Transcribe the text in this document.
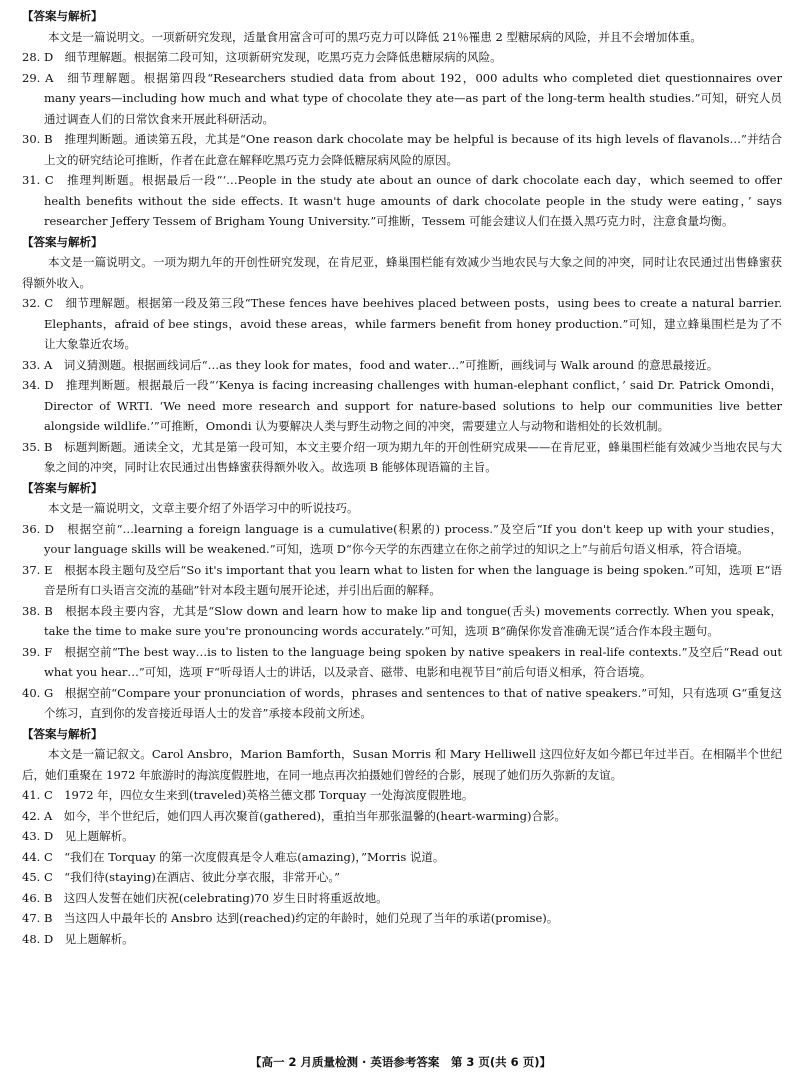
【答案与解析】

本文是一篇说明文。一项新研究发现，适量食用富含可可的黑巧克力可以降低 21％罹患 2 型糖尿病的风险，并且不会增加体重。

28. D　细节理解题。根据第二段可知，这项新研究发现，吃黑巧克力会降低患糖尿病的风险。

29. A　细节理解题。根据第四段“Researchers studied data from about 192，000 adults who completed diet questionnaires over many years—including how much and what type of chocolate they ate—as part of the long-term health studies.”可知，研究人员通过调查人们的日常饮食来开展此科研活动。

30. B　推理判断题。通读第五段，尤其是“One reason dark chocolate may be helpful is because of its high levels of flavanols…”并结合上文的研究结论可推断，作者在此意在解释吃黑巧克力会降低糖尿病风险的原因。

31. C　推理判断题。根据最后一段“‘…People in the study ate about an ounce of dark chocolate each day，which seemed to offer health benefits without the side effects. It wasn't huge amounts of dark chocolate people in the study were eating，’ says researcher Jeffery Tessem of Brigham Young University.”可推断，Tessem 可能会建议人们在摄入黑巧克力时，注意食量均衡。

【答案与解析】

本文是一篇说明文。一项为期九年的开创性研究发现，在肯尼亚，蜂巢围栏能有效减少当地农民与大象之间的冲突，同时让农民通过出售蜂蜜获得额外收入。

32. C　细节理解题。根据第一段及第三段“These fences have beehives placed between posts，using bees to create a natural barrier. Elephants，afraid of bee stings，avoid these areas，while farmers benefit from honey production.”可知，建立蜂巢围栏是为了不让大象靠近农场。

33. A　词义猜测题。根据画线词后“…as they look for mates，food and water…”可推断，画线词与 Walk around 的意思最接近。

34. D　推理判断题。根据最后一段“‘Kenya is facing increasing challenges with human-elephant conflict，’ said Dr. Patrick Omondi，Director of WRTI. ‘We need more research and support for nature-based solutions to help our communities live better alongside wildlife.’”可推断，Omondi 认为要解决人类与野生动物之间的冲突，需要建立人与动物和谐相处的长效机制。

35. B　标题判断题。通读全文，尤其是第一段可知，本文主要介绍一项为期九年的开创性研究成果——在肯尼亚，蜂巢围栏能有效减少当地农民与大象之间的冲突，同时让农民通过出售蜂蜜获得额外收入。故选项 B 能够体现语篇的主旨。

【答案与解析】

本文是一篇说明文，文章主要介绍了外语学习中的听说技巧。

36. D　根据空前“…learning a foreign language is a cumulative(积累的) process.”及空后“If you don't keep up with your studies，your language skills will be weakened.”可知，选项 D“你今天学的东西建立在你之前学过的知识之上”与前后句语义相承，符合语境。

37. E　根据本段主题句及空后“So it's important that you learn what to listen for when the language is being spoken.”可知，选项 E“语音是所有口头语言交流的基础”针对本段主题句展开论述，并引出后面的解释。

38. B　根据本段主要内容，尤其是“Slow down and learn how to make lip and tongue(舌头) movements correctly. When you speak，take the time to make sure you're pronouncing words accurately.”可知，选项 B“确保你发音准确无误”适合作本段主题句。

39. F　根据空前“The best way…is to listen to the language being spoken by native speakers in real-life contexts.”及空后“Read out what you hear…”可知，选项 F“听母语人士的讲话，以及录音、磁带、电影和电视节目”前后句语义相承，符合语境。

40. G　根据空前“Compare your pronunciation of words，phrases and sentences to that of native speakers.”可知，只有选项 G“重复这个练习，直到你的发音接近母语人士的发音”承接本段前文所述。

【答案与解析】

本文是一篇记叙文。Carol Ansbro，Marion Bamforth，Susan Morris 和 Mary Helliwell 这四位好友如今都已年过半百。在相隔半个世纪后，她们重聚在 1972 年旅游时的海滨度假胜地，在同一地点再次拍摄她们曾经的合影，展现了她们历久弥新的友谊。

41. C　1972 年，四位女生来到(traveled)英格兰德文郡 Torquay 一处海滨度假胜地。

42. A　如今，半个世纪后，她们四人再次聚首(gathered)，重拍当年那张温馨的(heart-warming)合影。

43. D　见上题解析。

44. C　“我们在 Torquay 的第一次度假真是令人难忘(amazing)，”Morris 说道。

45. C　“我们待(staying)在酒店、彼此分享衣服，非常开心。”

46. B　这四人发誓在她们庆祝(celebrating)70 岁生日时将重返故地。

47. B　当这四人中最年长的 Ansbro 达到(reached)约定的年龄时，她们兑现了当年的承诺(promise)。

48. D　见上题解析。

【高一 2 月质量检测 · 英语参考答案　第 3 页(共 6 页)】
